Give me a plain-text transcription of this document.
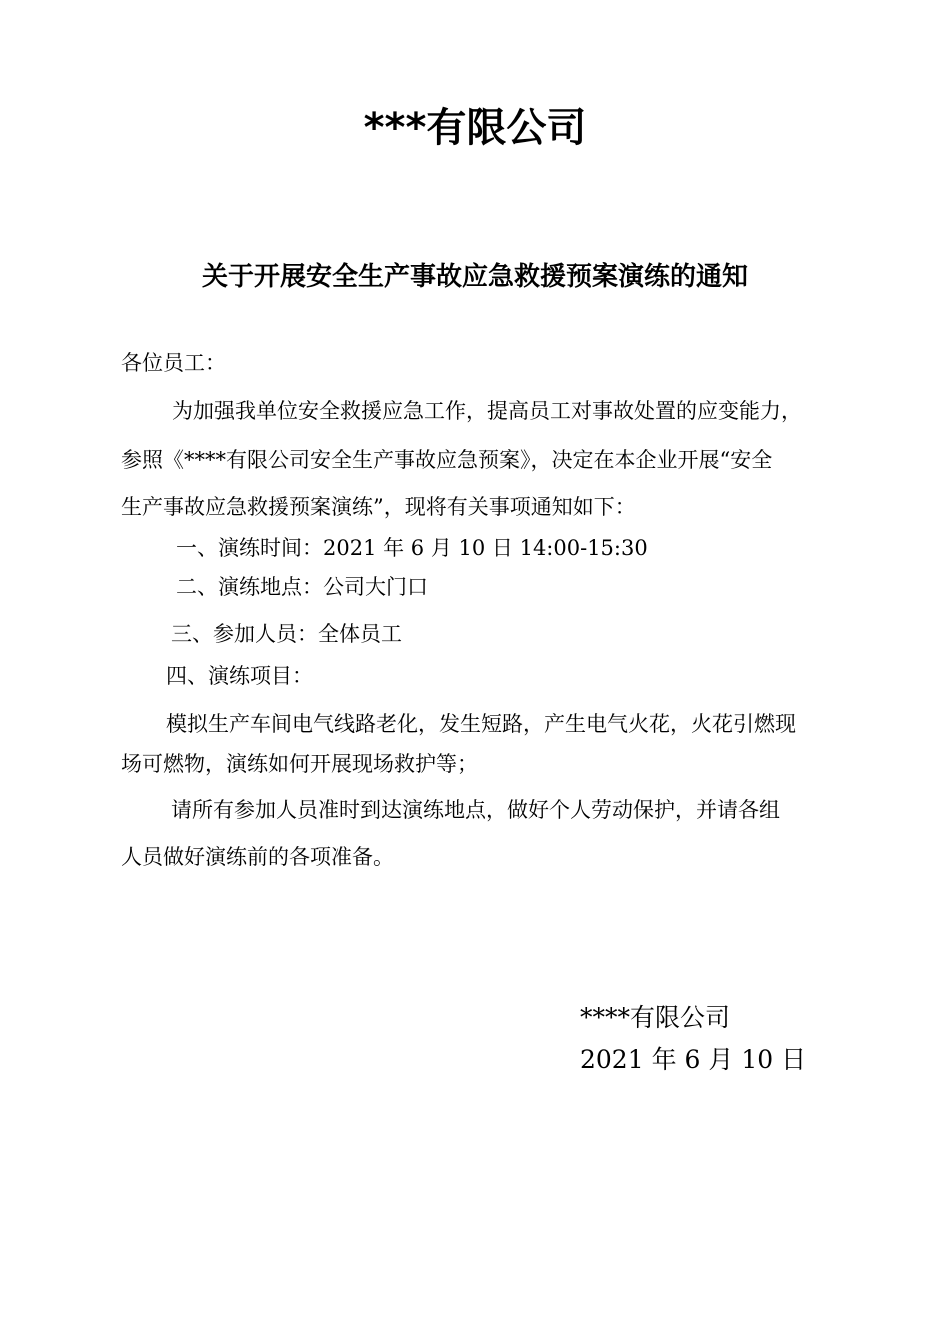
***有限公司
关于开展安全生产事故应急救援预案演练的通知

各位员工：

为加强我单位安全救援应急工作，提高员工对事故处置的应变能力，

参照《****有限公司安全生产事故应急预案》，决定在本企业开展“安全

生产事故应急救援预案演练”，现将有关事项通知如下：

一、演练时间：2021 年 6 月 10 日 14:00-15:30

二、演练地点：公司大门口

三、参加人员：全体员工

四、演练项目：

模拟生产车间电气线路老化，发生短路，产生电气火花，火花引燃现

场可燃物，演练如何开展现场救护等；

请所有参加人员准时到达演练地点，做好个人劳动保护，并请各组

人员做好演练前的各项准备。

****有限公司

2021 年 6 月 10 日
